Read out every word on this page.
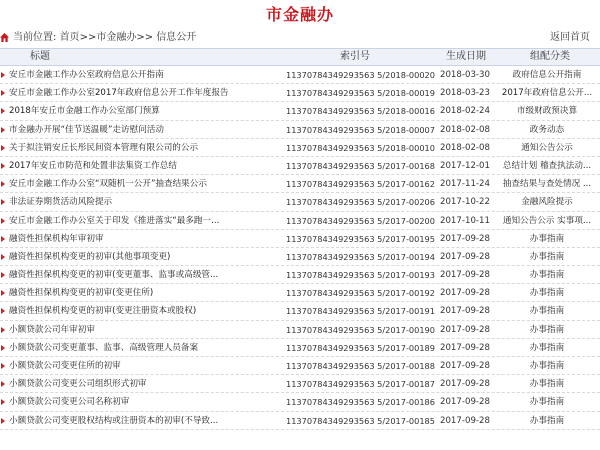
市金融办
当前位置: 首页>>市金融办>> 信息公开	返回首页
标题	索引号	生成日期	组配分类
安丘市金融工作办公室政府信息公开指南	11370784349293563 5/2018-00020 2018-03-30	政府信息公开指南
安丘市金融工作办公室2017年政府信息公开工作年度报告	11370784349293563 5/2018-00019 2018-03-23	2017年政府信息公开...
2018年安丘市金融工作办公室部门预算	11370784349293563 5/2018-00016 2018-02-24	市级财政预决算
市金融办开展“佳节送温暖”走访慰问活动	11370784349293563 5/2018-00007 2018-02-08	政务动态
关于拟注销安丘长彤民间资本管理有限公司的公示	11370784349293563 5/2018-00010 2018-02-08	通知公告公示
2017年安丘市防范和处置非法集资工作总结	11370784349293563 5/2017-00168 2017-12-01	总结计划 稽查执法动...
安丘市金融工作办公室“双随机一公开”抽查结果公示	11370784349293563 5/2017-00162 2017-11-24	抽查结果与查处情况 ...
非法证券期货活动风险提示	11370784349293563 5/2017-00206 2017-10-22	金融风险提示
安丘市金融工作办公室关于印发《推进落实“最多跑一...	11370784349293563 5/2017-00200 2017-10-11	通知公告公示 实事项...
融资性担保机构年审初审	11370784349293563 5/2017-00195 2017-09-28	办事指南
融资性担保机构变更的初审(其他事项变更)	11370784349293563 5/2017-00194 2017-09-28	办事指南
融资性担保机构变更的初审(变更董事、监事或高级管...	11370784349293563 5/2017-00193 2017-09-28	办事指南
融资性担保机构变更的初审(变更住所)	11370784349293563 5/2017-00192 2017-09-28	办事指南
融资性担保机构变更的初审(变更注册资本或股权)	11370784349293563 5/2017-00191 2017-09-28	办事指南
小额贷款公司年审初审	11370784349293563 5/2017-00190 2017-09-28	办事指南
小额贷款公司变更董事、监事、高级管理人员备案	11370784349293563 5/2017-00189 2017-09-28	办事指南
小额贷款公司变更住所的初审	11370784349293563 5/2017-00188 2017-09-28	办事指南
小额贷款公司变更公司组织形式初审	11370784349293563 5/2017-00187 2017-09-28	办事指南
小额贷款公司变更公司名称初审	11370784349293563 5/2017-00186 2017-09-28	办事指南
小额贷款公司变更股权结构或注册资本的初审(不导致...	11370784349293563 5/2017-00185 2017-09-28	办事指南
